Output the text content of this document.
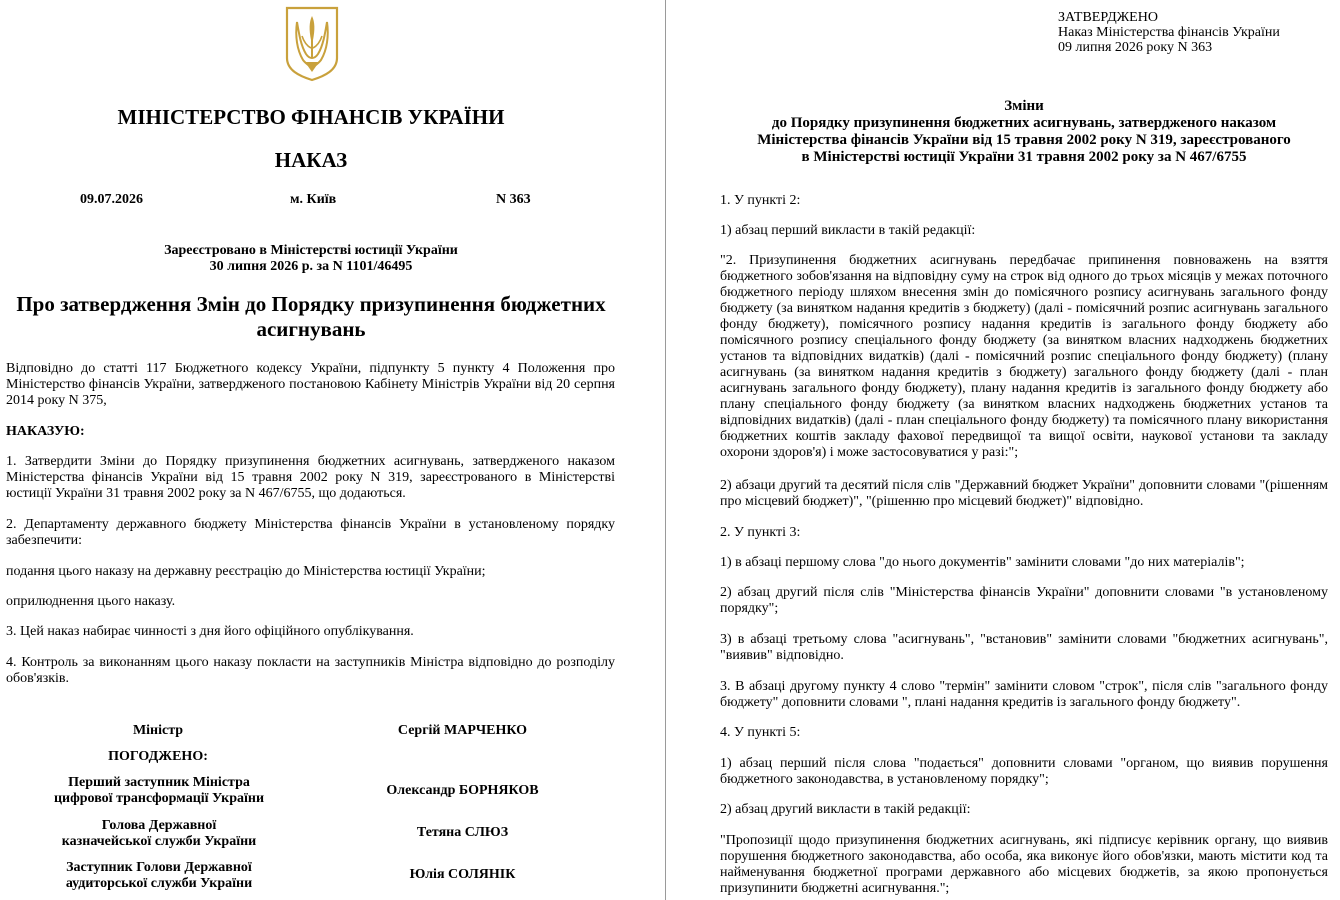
МІНІСТЕРСТВО ФІНАНСІВ УКРАЇНИ
НАКАЗ
09.07.2026	м. Київ	N 363
Зареєстровано в Міністерстві юстиції України
30 липня 2026 р. за N 1101/46495
Про затвердження Змін до Порядку призупинення бюджетних
асигнувань
Відповідно до статті 117 Бюджетного кодексу України, підпункту 5 пункту 4 Положення про Міністерство фінансів України, затвердженого постановою Кабінету Міністрів України від 20 серпня 2014 року N 375,
НАКАЗУЮ:
1. Затвердити Зміни до Порядку призупинення бюджетних асигнувань, затвердженого наказом Міністерства фінансів України від 15 травня 2002 року N 319, зареєстрованого в Міністерстві юстиції України 31 травня 2002 року за N 467/6755, що додаються.
2. Департаменту державного бюджету Міністерства фінансів України в установленому порядку забезпечити:
подання цього наказу на державну реєстрацію до Міністерства юстиції України;
оприлюднення цього наказу.
3. Цей наказ набирає чинності з дня його офіційного опублікування.
4. Контроль за виконанням цього наказу покласти на заступників Міністра відповідно до розподілу обов'язків.
Міністр	Сергій МАРЧЕНКО
ПОГОДЖЕНО:
Перший заступник Міністра
цифрової трансформації України
Олександр БОРНЯКОВ
Голова Державної
казначейської служби України
Тетяна СЛЮЗ
Заступник Голови Державної
аудиторської служби України
Юлія СОЛЯНІК
ЗАТВЕРДЖЕНО
Наказ Міністерства фінансів України
09 липня 2026 року N 363
Зміни
до Порядку призупинення бюджетних асигнувань, затвердженого наказом
Міністерства фінансів України від 15 травня 2002 року N 319, зареєстрованого
в Міністерстві юстиції України 31 травня 2002 року за N 467/6755
1. У пункті 2:
1) абзац перший викласти в такій редакції:
"2. Призупинення бюджетних асигнувань передбачає припинення повноважень на взяття бюджетного зобов'язання на відповідну суму на строк від одного до трьох місяців у межах поточного бюджетного періоду шляхом внесення змін до помісячного розпису асигнувань загального фонду бюджету (за винятком надання кредитів з бюджету) (далі - помісячний розпис асигнувань загального фонду бюджету), помісячного розпису надання кредитів із загального фонду бюджету або помісячного розпису спеціального фонду бюджету (за винятком власних надходжень бюджетних установ та відповідних видатків) (далі - помісячний розпис спеціального фонду бюджету) (плану асигнувань (за винятком надання кредитів з бюджету) загального фонду бюджету (далі - план асигнувань загального фонду бюджету), плану надання кредитів із загального фонду бюджету або плану спеціального фонду бюджету (за винятком власних надходжень бюджетних установ та відповідних видатків) (далі - план спеціального фонду бюджету) та помісячного плану використання бюджетних коштів закладу фахової передвищої та вищої освіти, наукової установи та закладу охорони здоров'я) і може застосовуватися у разі:";
2) абзаци другий та десятий після слів "Державний бюджет України" доповнити словами "(рішенням про місцевий бюджет)", "(рішенню про місцевий бюджет)" відповідно.
2. У пункті 3:
1) в абзаці першому слова "до нього документів" замінити словами "до них матеріалів";
2) абзац другий після слів "Міністерства фінансів України" доповнити словами "в установленому порядку";
3) в абзаці третьому слова "асигнувань", "встановив" замінити словами "бюджетних асигнувань", "виявив" відповідно.
3. В абзаці другому пункту 4 слово "термін" замінити словом "строк", після слів "загального фонду бюджету" доповнити словами ", плані надання кредитів із загального фонду бюджету".
4. У пункті 5:
1) абзац перший після слова "подається" доповнити словами "органом, що виявив порушення бюджетного законодавства, в установленому порядку";
2) абзац другий викласти в такій редакції:
"Пропозиції щодо призупинення бюджетних асигнувань, які підписує керівник органу, що виявив порушення бюджетного законодавства, або особа, яка виконує його обов'язки, мають містити код та найменування бюджетної програми державного або місцевих бюджетів, за якою пропонується призупинити бюджетні асигнування.";
